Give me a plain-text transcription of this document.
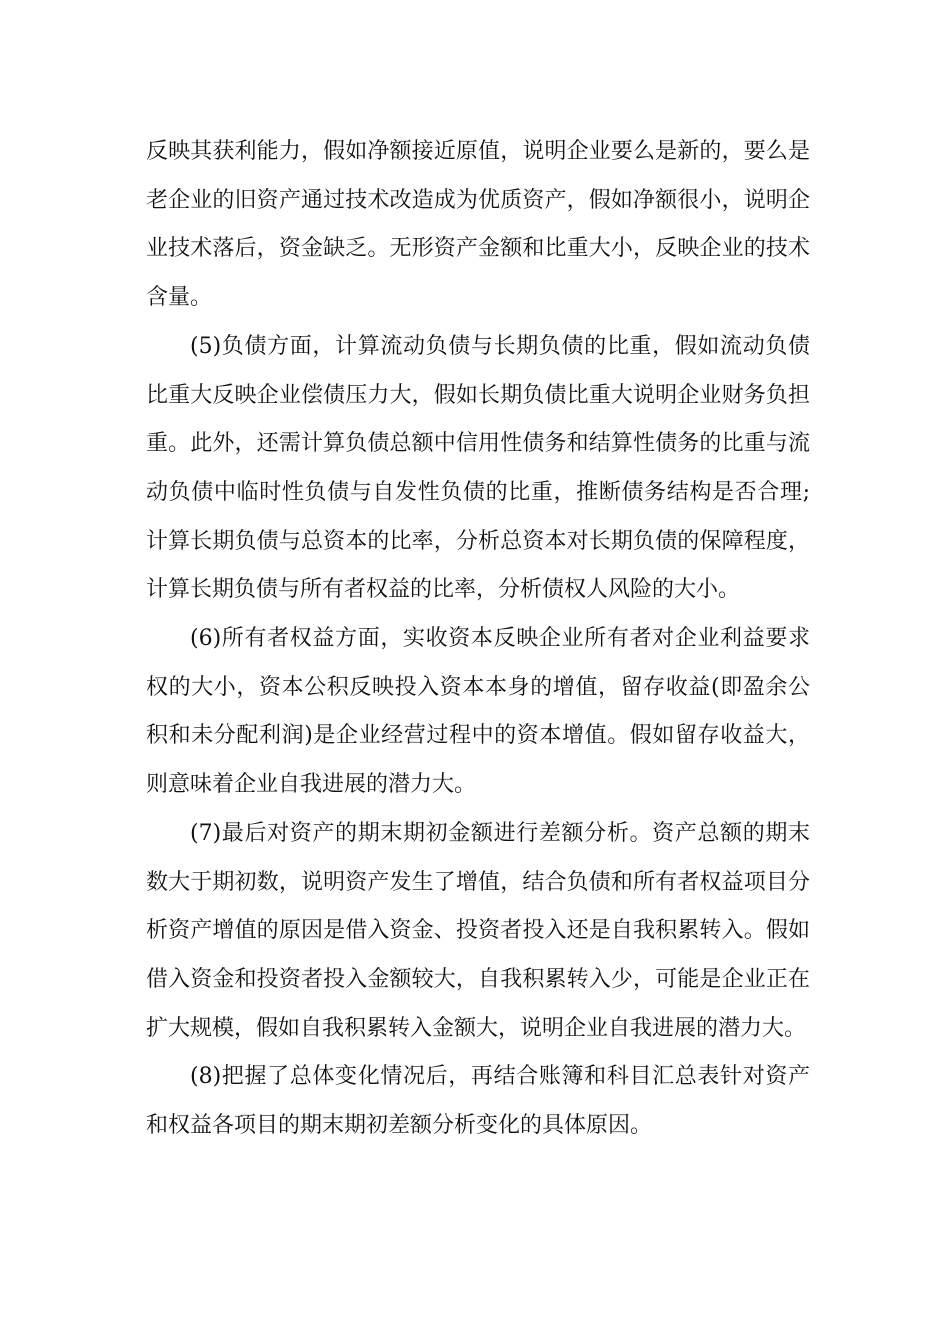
反映其获利能力，假如净额接近原值，说明企业要么是新的，要么是老企业的旧资产通过技术改造成为优质资产，假如净额很小，说明企业技术落后，资金缺乏。无形资产金额和比重大小，反映企业的技术含量。

(5)负债方面，计算流动负债与长期负债的比重，假如流动负债比重大反映企业偿债压力大，假如长期负债比重大说明企业财务负担重。此外，还需计算负债总额中信用性债务和结算性债务的比重与流动负债中临时性负债与自发性负债的比重，推断债务结构是否合理;计算长期负债与总资本的比率，分析总资本对长期负债的保障程度，计算长期负债与所有者权益的比率，分析债权人风险的大小。

(6)所有者权益方面，实收资本反映企业所有者对企业利益要求权的大小，资本公积反映投入资本本身的增值，留存收益(即盈余公积和未分配利润)是企业经营过程中的资本增值。假如留存收益大，则意味着企业自我进展的潜力大。

(7)最后对资产的期末期初金额进行差额分析。资产总额的期末数大于期初数，说明资产发生了增值，结合负债和所有者权益项目分析资产增值的原因是借入资金、投资者投入还是自我积累转入。假如借入资金和投资者投入金额较大，自我积累转入少，可能是企业正在扩大规模，假如自我积累转入金额大，说明企业自我进展的潜力大。

(8)把握了总体变化情况后，再结合账簿和科目汇总表针对资产和权益各项目的期末期初差额分析变化的具体原因。
